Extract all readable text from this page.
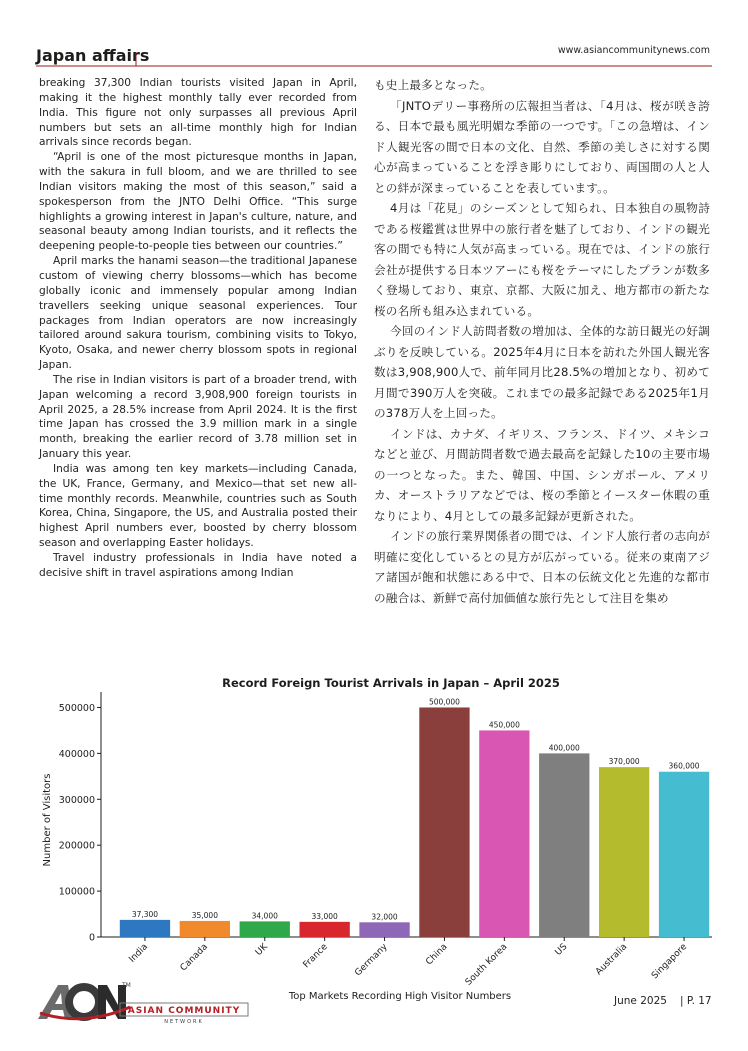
Japan affairs	www.asiancommunitynews.com

breaking 37,300 Indian tourists visited Japan in April, making it the highest monthly tally ever recorded from India. This figure not only surpasses all previous April numbers but sets an all-time monthly high for Indian arrivals since records began.

“April is one of the most picturesque months in Japan, with the sakura in full bloom, and we are thrilled to see Indian visitors making the most of this season,” said a spokesperson from the JNTO Delhi Office. “This surge highlights a growing interest in Japan's culture, nature, and seasonal beauty among Indian tourists, and it reflects the deepening people-to-people ties between our countries.”

April marks the hanami season—the traditional Japanese custom of viewing cherry blossoms—which has become globally iconic and immensely popular among Indian travellers seeking unique seasonal experiences. Tour packages from Indian operators are now increasingly tailored around sakura tourism, combining visits to Tokyo, Kyoto, Osaka, and newer cherry blossom spots in regional Japan.

The rise in Indian visitors is part of a broader trend, with Japan welcoming a record 3,908,900 foreign tourists in April 2025, a 28.5% increase from April 2024. It is the first time Japan has crossed the 3.9 million mark in a single month, breaking the earlier record of 3.78 million set in January this year.

India was among ten key markets—including Canada, the UK, France, Germany, and Mexico—that set new all-time monthly records. Meanwhile, countries such as South Korea, China, Singapore, the US, and Australia posted their highest April numbers ever, boosted by cherry blossom season and overlapping Easter holidays.

Travel industry professionals in India have noted a decisive shift in travel aspirations among Indian

も史上最多となった。

「JNTOデリー事務所の広報担当者は、「4月は、桜が咲き誇る、日本で最も風光明媚な季節の一つです。「この急増は、インド人観光客の間で日本の文化、自然、季節の美しさに対する関心が高まっていることを浮き彫りにしており、両国間の人と人との絆が深まっていることを表しています。。

4月は「花見」のシーズンとして知られ、日本独自の風物詩である桜鑑賞は世界中の旅行者を魅了しており、インドの観光客の間でも特に人気が高まっている。現在では、インドの旅行会社が提供する日本ツアーにも桜をテーマにしたプランが数多く登場しており、東京、京都、大阪に加え、地方都市の新たな桜の名所も組み込まれている。

今回のインド人訪問者数の増加は、全体的な訪日観光の好調ぶりを反映している。2025年4月に日本を訪れた外国人観光客数は3,908,900人で、前年同月比28.5%の増加となり、初めて月間で390万人を突破。これまでの最多記録である2025年1月の378万人を上回った。

インドは、カナダ、イギリス、フランス、ドイツ、メキシコなどと並び、月間訪問者数で過去最高を記録した10の主要市場の一つとなった。また、韓国、中国、シンガポール、アメリカ、オーストラリアなどでは、桜の季節とイースター休暇の重なりにより、4月としての最多記録が更新された。

インドの旅行業界関係者の間では、インド人旅行者の志向が明確に変化しているとの見方が広がっている。従来の東南アジア諸国が飽和状態にある中で、日本の伝統文化と先進的な都市の融合は、新鮮で高付加価値な旅行先として注目を集め

Record Foreign Tourist Arrivals in Japan – April 2025
Number of Visitors
Top Markets Recording High Visitor Numbers
0
100000
200000
300000
400000
500000
37,300
India
35,000
Canada
34,000
UK
33,000
France
32,000
Germany
500,000
China
450,000
South Korea
400,000
US
370,000
Australia
360,000
Singapore
TM
ASIAN COMMUNITY
NETWORK
June 2025 | P. 17
